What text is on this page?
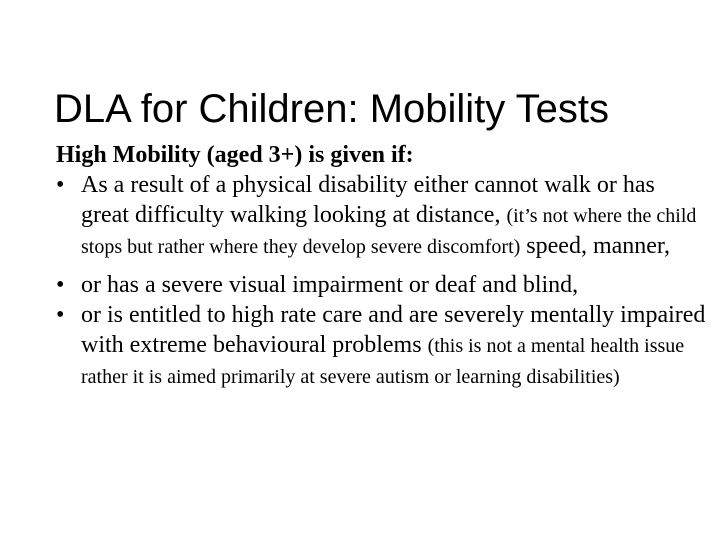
DLA for Children: Mobility Tests

High Mobility (aged 3+) is given if:

• As a result of a physical disability either cannot walk or has great difficulty walking looking at distance, (it’s not where the child stops but rather where they develop severe discomfort) speed, manner,
• or has a severe visual impairment or deaf and blind,
• or is entitled to high rate care and are severely mentally impaired with extreme behavioural problems (this is not a mental health issue rather it is aimed primarily at severe autism or learning disabilities)
